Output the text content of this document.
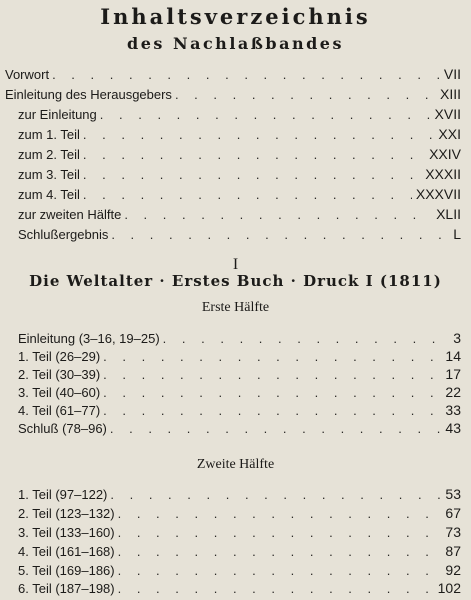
Inhaltsverzeichnis
des Nachlaßbandes
Vorwort . . .	VII
Einleitung des Herausgebers . . .	XIII
zur Einleitung . . .	XVII
zum 1. Teil . . .	XXI
zum 2. Teil . . .	XXIV
zum 3. Teil . . .	XXXII
zum 4. Teil . . .	XXXVII
zur zweiten Hälfte . . .	XLII
Schlußergebnis . . .	L
I
Die Weltalter · Erstes Buch · Druck I (1811)
Erste Hälfte
Einleitung (3–16, 19–25) . . .	3
1. Teil (26–29) . . .	14
2. Teil (30–39) . . .	17
3. Teil (40–60) . . .	22
4. Teil (61–77) . . .	33
Schluß (78–96) . . .	43
Zweite Hälfte
1. Teil (97–122) . . .	53
2. Teil (123–132) . . .	67
3. Teil (133–160) . . .	73
4. Teil (161–168) . . .	87
5. Teil (169–186) . . .	92
6. Teil (187–198) . . .	102
